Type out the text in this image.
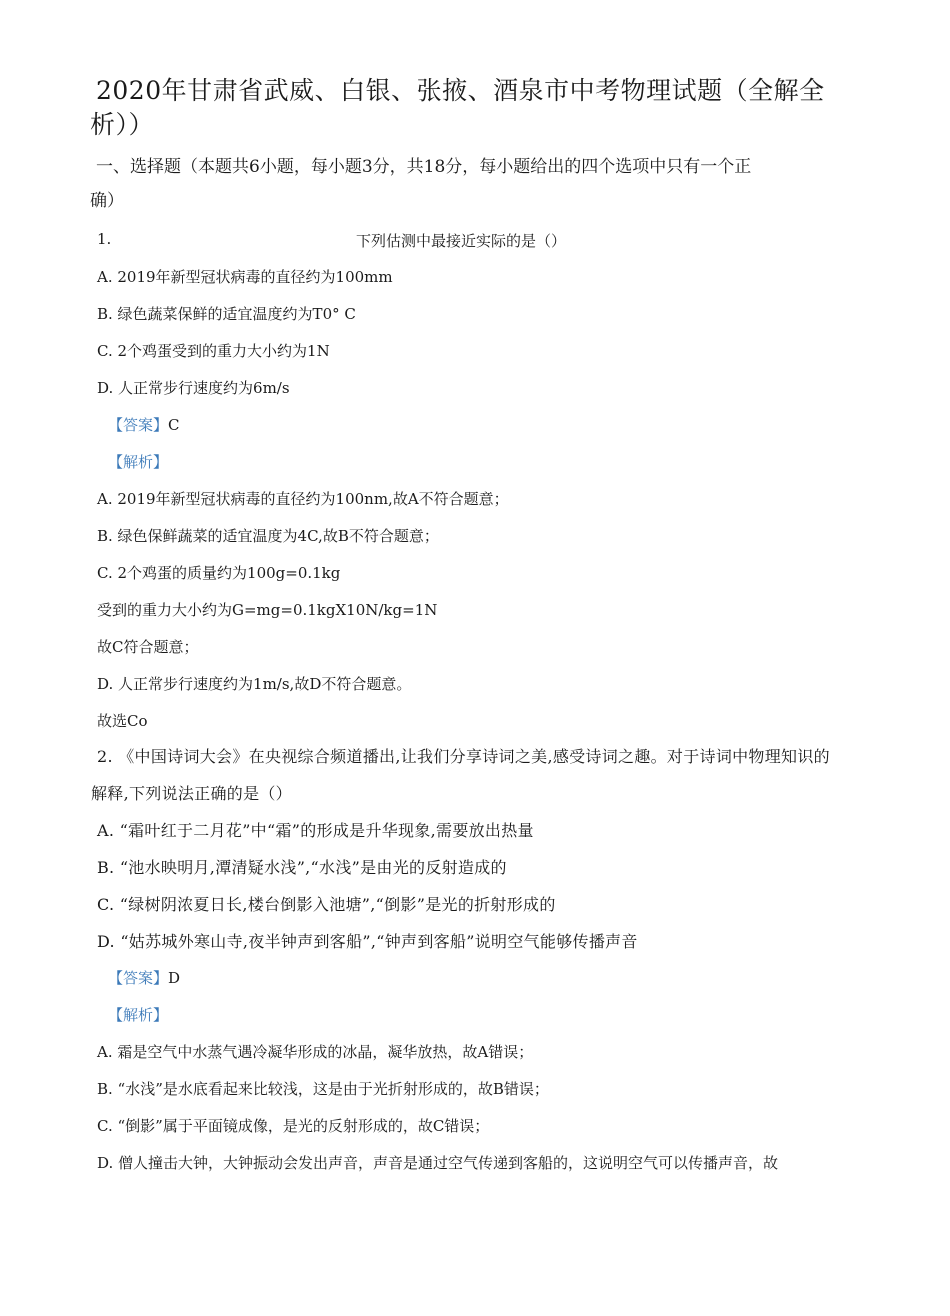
2020年甘肃省武威、白银、张掖、酒泉市中考物理试题（全解全
析））
一、选择题（本题共6小题，每小题3分，共18分，每小题给出的四个选项中只有一个正
确）
1.	下列估测中最接近实际的是（）
A. 2019年新型冠状病毒的直径约为100mm
B. 绿色蔬菜保鲜的适宜温度约为T0° C
C. 2个鸡蛋受到的重力大小约为1N
D. 人正常步行速度约为6m/s
【答案】C
【解析】
A. 2019年新型冠状病毒的直径约为100nm,故A不符合题意；
B. 绿色保鲜蔬菜的适宜温度为4C,故B不符合题意；
C. 2个鸡蛋的质量约为100g=0.1kg
受到的重力大小约为G=mg=0.1kgX10N/kg=1N
故C符合题意；
D. 人正常步行速度约为1m/s,故D不符合题意。
故选Co
2. 《中国诗词大会》在央视综合频道播出,让我们分享诗词之美,感受诗词之趣。对于诗词中物理知识的
解释,下列说法正确的是（）
A. “霜叶红于二月花”中“霜”的形成是升华现象,需要放出热量
B. “池水映明月,潭清疑水浅”,“水浅”是由光的反射造成的
C. “绿树阴浓夏日长,楼台倒影入池塘”,“倒影”是光的折射形成的
D. “姑苏城外寒山寺,夜半钟声到客船”,“钟声到客船”说明空气能够传播声音
【答案】D
【解析】
A. 霜是空气中水蒸气遇冷凝华形成的冰晶，凝华放热，故A错误；
B. “水浅”是水底看起来比较浅，这是由于光折射形成的，故B错误；
C. “倒影”属于平面镜成像，是光的反射形成的，故C错误；
D. 僧人撞击大钟，大钟振动会发出声音，声音是通过空气传递到客船的，这说明空气可以传播声音，故
